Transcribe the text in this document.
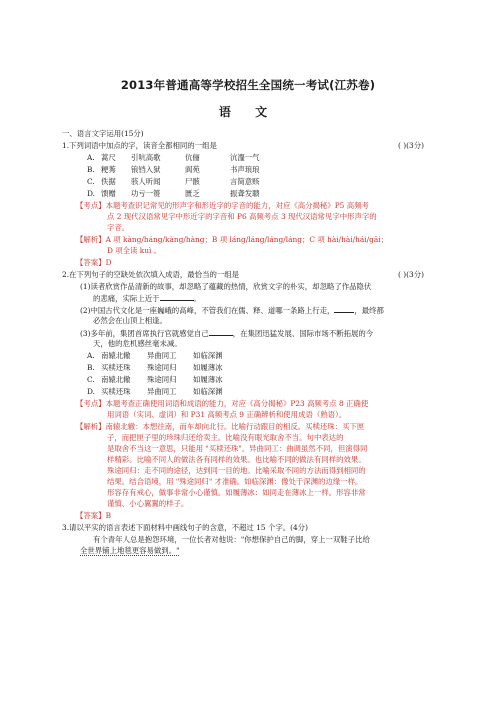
2013年普通高等学校招生全国统一考试(江苏卷)
语 文
一、语言文字运用(15分)
1.下列词语中加点的字，读音全都相同的一组是	( )(3分)
A. 蒿尺 引吭高歌	伉俪	沆瀣一气
B. 粳莠 锒铛入狱	阆苑	书声琅琅
C. 佚据 骇人听闻	尸骸	言简意赅
D. 馈赠 功亏一篑	匮乏	振聋发聩
【考点】本题考查识记常见的形声字和形近字的字音的能力，对应《高分揭秘》P5 高频考
点 2 现代汉语常见字中形近字的字音和 P6 高频考点 3 现代汉语常见字中形声字的
字音。
【解析】A 项 kàng/háng/kàng/hàng；B 项 láng/láng/láng/láng；C 项 hài/hài/hái/gāi；
D 项全读 kuì 。
【答案】D
2.在下列句子的空缺处依次填入成语，最恰当的一组是	( )(3分)
(1)读者欣赏作品清新的故事，却忽略了蕴藏的热情，欣赏文字的朴实，却忽略了作品隐伏
的悲痛，实际上近于	。
(2)中国古代文化是一座巍峨的高峰，不管我们在儒、释、道哪一条路上行走，	，最终都
必然会在山顶上相逢。
(3)多年前，集团首席执行官就感觉自己	，在集团迅猛发展、国际市场不断拓展的今
天，他的危机感丝毫未减。
A. 南辕北辙 异曲同工 如临深渊
B. 买椟还珠 殊途同归 如履薄冰
C. 南辕北辙 殊途同归 如履薄冰
D. 买椟还珠 异曲同工 如临深渊
【考点】本题考查正确使用词语和成语的能力，对应《高分揭秘》P23 高频考点 8 正确使
用词语（实词、虚词）和 P31 高频考点 9 正确辨析和使用成语（熟语）。
【解析】南辕北辙：本想往南，而车却向北行。比喻行动跟目的相反。买椟还珠：买下匣
子，而把匣子里的珍珠归还给卖主。比喻没有眼光取舍不当。句中表达的
是取舍不当这一意思，只能用 "买椟还珠"。异曲同工：曲调虽然不同，但演得同
样精彩。比喻不同人的做法各有同样的效果。也比喻不同的做法有同样的效果。
殊途同归：走不同的途径，达到同一目的地。比喻采取不同的方法而得到相同的
结果。结合语境，用 "殊途同归" 才准确。如临深渊：像处于深渊的边缘一样。
形容存有戒心，做事非常小心谨慎。如履薄冰：如同走在薄冰上一样。形容非常
谨慎、小心翼翼的样子。
【答案】B
3.请以平实的语言表述下面材料中画线句子的含意，不超过 15 个字。(4分)
有个青年人总是抱怨环境，一位长者对他说："你想保护自己的脚，穿上一双鞋子比给
全世界铺上地毯更容易做到。"
